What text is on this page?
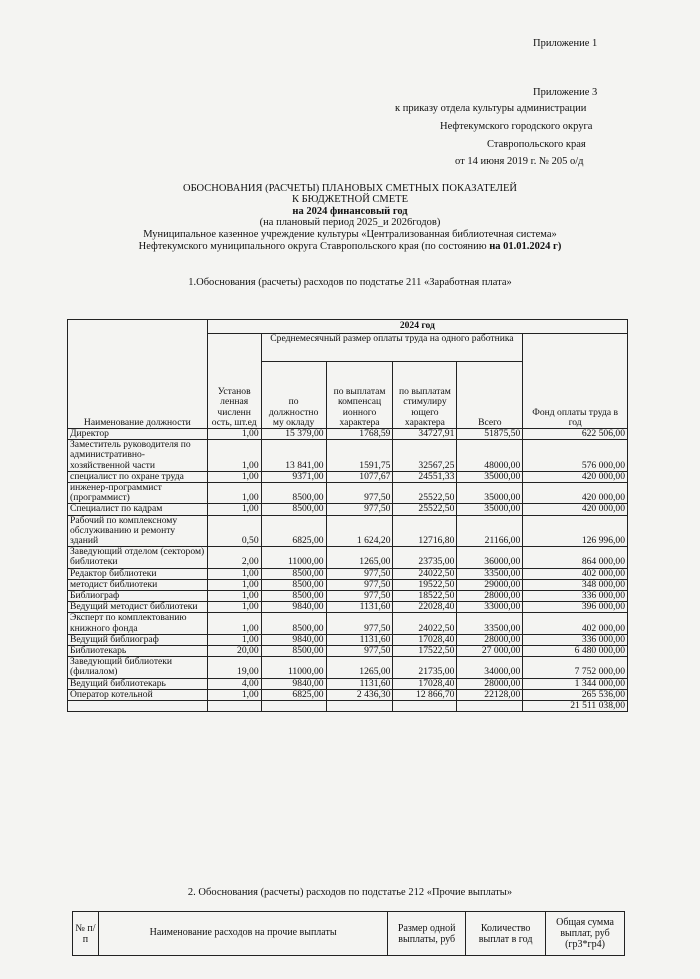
Приложение 1
Приложение 3
к приказу отдела культуры администрации
Нефтекумского городского округа
Ставропольского края
от 14 июня 2019 г. № 205 о/д
ОБОСНОВАНИЯ (РАСЧЕТЫ) ПЛАНОВЫХ СМЕТНЫХ ПОКАЗАТЕЛЕЙ
К БЮДЖЕТНОЙ СМЕТЕ
на 2024 финансовый год
(на плановый период 2025_и 2026годов)
Муниципальное казенное учреждение культуры «Централизованная библиотечная система»
Нефтекумского муниципального округа Ставропольского края (по состоянию на 01.01.2024 г)
1.Обоснования (расчеты) расходов по подстатье 211 «Заработная плата»
Наименование должности	2024 год					
	Установ ленная численн ость, шт.ед	Среднемесячный размер оплаты труда на одного работника				Фонд оплаты труда в год
		по должностно му окладу	по выплатам компенсац ионного характера	по выплатам стимулиру ющего характера	Всего	
Директор	1,00	15 379,00	1768,59	34727,91	51875,50	622 506,00
Заместитель руководителя по административно-хозяйственной части	1,00	13 841,00	1591,75	32567,25	48000,00	576 000,00
специалист по охране труда	1,00	9371,00	1077,67	24551,33	35000,00	420 000,00
инженер-программист (программист)	1,00	8500,00	977,50	25522,50	35000,00	420 000,00
Специалист по кадрам	1,00	8500,00	977,50	25522,50	35000,00	420 000,00
Рабочий по комплексному обслуживанию и ремонту зданий	0,50	6825,00	1 624,20	12716,80	21166,00	126 996,00
Заведующий отделом (сектором) библиотеки	2,00	11000,00	1265,00	23735,00	36000,00	864 000,00
Редактор библиотеки	1,00	8500,00	977,50	24022,50	33500,00	402 000,00
методист библиотеки	1,00	8500,00	977,50	19522,50	29000,00	348 000,00
Библиограф	1,00	8500,00	977,50	18522,50	28000,00	336 000,00
Ведущий методист библиотеки	1,00	9840,00	1131,60	22028,40	33000,00	396 000,00
Эксперт по комплектованию книжного фонда	1,00	8500,00	977,50	24022,50	33500,00	402 000,00
Ведущий библиограф	1,00	9840,00	1131,60	17028,40	28000,00	336 000,00
Библиотекарь	20,00	8500,00	977,50	17522,50	27 000,00	6 480 000,00
Заведующий библиотеки (филиалом)	19,00	11000,00	1265,00	21735,00	34000,00	7 752 000,00
Ведущий библиотекарь	4,00	9840,00	1131,60	17028,40	28000,00	1 344 000,00
Оператор котельной	1,00	6825,00	2 436,30	12 866,70	22128,00	265 536,00
						21 511 038,00
2. Обоснования (расчеты) расходов по подстатье 212 «Прочие выплаты»
№ п/п	Наименование расходов на прочие выплаты	Размер одной выплаты, руб	Количество выплат в год	Общая сумма выплат, руб (гр3*гр4)
